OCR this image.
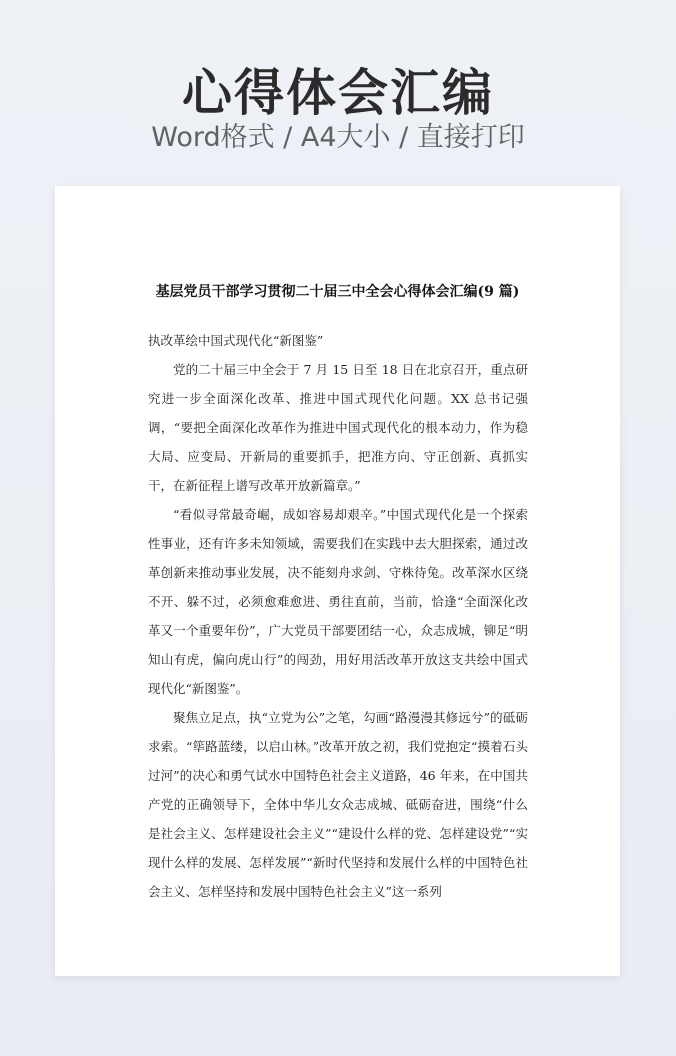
心得体会汇编
Word格式 / A4大小 / 直接打印
基层党员干部学习贯彻二十届三中全会心得体会汇编(9 篇)

执改革绘中国式现代化“新图鉴”

党的二十届三中全会于 7 月 15 日至 18 日在北京召开，重点研究进一步全面深化改革、推进中国式现代化问题。XX 总书记强调，“要把全面深化改革作为推进中国式现代化的根本动力，作为稳大局、应变局、开新局的重要抓手，把准方向、守正创新、真抓实干，在新征程上谱写改革开放新篇章。”

“看似寻常最奇崛，成如容易却艰辛。”中国式现代化是一个探索性事业，还有许多未知领域，需要我们在实践中去大胆探索，通过改革创新来推动事业发展，决不能刻舟求剑、守株待兔。改革深水区绕不开、躲不过，必须愈难愈进、勇往直前，当前，恰逢“全面深化改革又一个重要年份”，广大党员干部要团结一心，众志成城，铆足“明知山有虎，偏向虎山行”的闯劲，用好用活改革开放这支共绘中国式现代化“新图鉴”。

聚焦立足点，执“立党为公”之笔，勾画“路漫漫其修远兮”的砥砺求索。“筚路蓝缕，以启山林。”改革开放之初，我们党抱定“摸着石头过河”的决心和勇气试水中国特色社会主义道路，46 年来，在中国共产党的正确领导下，全体中华儿女众志成城、砥砺奋进，围绕“什么是社会主义、怎样建设社会主义”“建设什么样的党、怎样建设党”“实现什么样的发展、怎样发展”“新时代坚持和发展什么样的中国特色社会主义、怎样坚持和发展中国特色社会主义”这一系列
